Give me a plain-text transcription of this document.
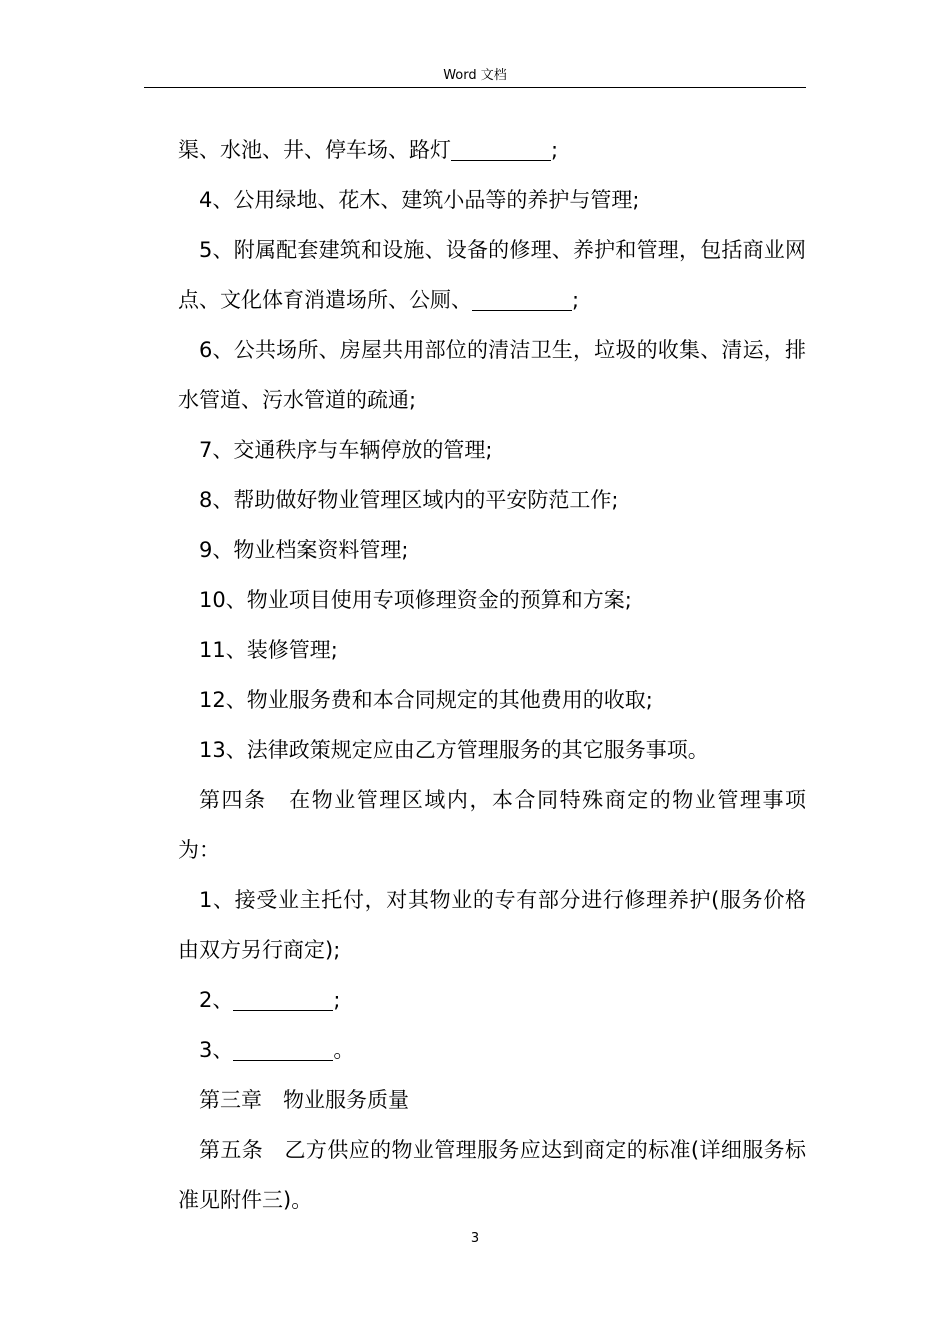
Word 文档

渠、水池、井、停车场、路灯	;

4、公用绿地、花木、建筑小品等的养护与管理;

5、附属配套建筑和设施、设备的修理、养护和管理，包括商业网点、文化体育消遣场所、公厕、	;

6、公共场所、房屋共用部位的清洁卫生，垃圾的收集、清运，排水管道、污水管道的疏通;

7、交通秩序与车辆停放的管理;

8、帮助做好物业管理区域内的平安防范工作;

9、物业档案资料管理;

10、物业项目使用专项修理资金的预算和方案;

11、装修管理;

12、物业服务费和本合同规定的其他费用的收取;

13、法律政策规定应由乙方管理服务的其它服务事项。

第四条　在物业管理区域内，本合同特殊商定的物业管理事项为：

1、接受业主托付，对其物业的专有部分进行修理养护(服务价格由双方另行商定);

2、	;

3、	。

第三章　物业服务质量

第五条　乙方供应的物业管理服务应达到商定的标准(详细服务标准见附件三)。

3
